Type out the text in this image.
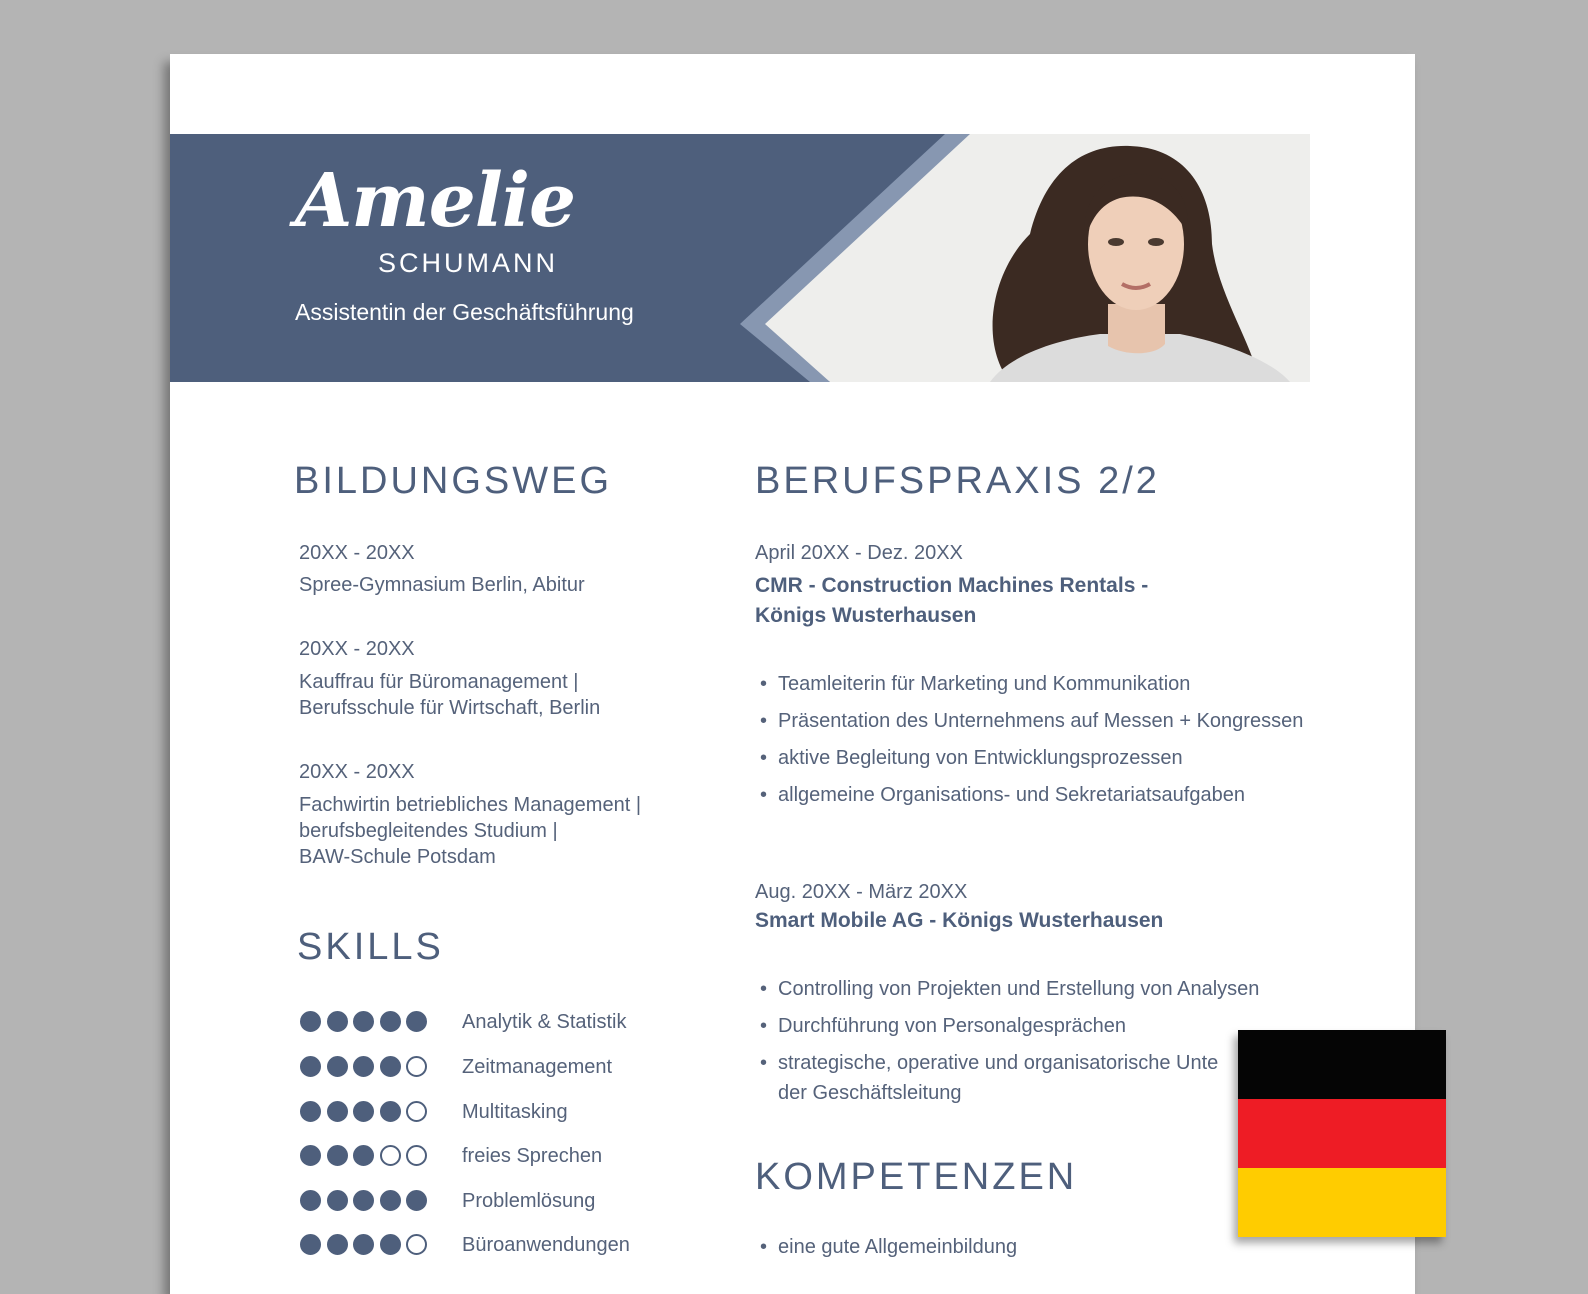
Amelie
SCHUMANN
Assistentin der Geschäftsführung
BILDUNGSWEG
20XX - 20XX
Spree-Gymnasium Berlin, Abitur
20XX - 20XX
Kauffrau für Büromanagement |
Berufsschule für Wirtschaft, Berlin
20XX - 20XX
Fachwirtin betriebliches Management |
berufsbegleitendes Studium |
BAW-Schule Potsdam
SKILLS
Analytik & Statistik
Zeitmanagement
Multitasking
freies Sprechen
Problemlösung
Büroanwendungen
BERUFSPRAXIS 2/2
April 20XX - Dez. 20XX
CMR - Construction Machines Rentals -
Königs Wusterhausen
• Teamleiterin für Marketing und Kommunikation
• Präsentation des Unternehmens auf Messen + Kongressen
• aktive Begleitung von Entwicklungsprozessen
• allgemeine Organisations- und Sekretariatsaufgaben
Aug. 20XX - März 20XX
Smart Mobile AG - Königs Wusterhausen
• Controlling von Projekten und Erstellung von Analysen
• Durchführung von Personalgesprächen
• strategische, operative und organisatorische Unte
der Geschäftsleitung
KOMPETENZEN
• eine gute Allgemeinbildung
